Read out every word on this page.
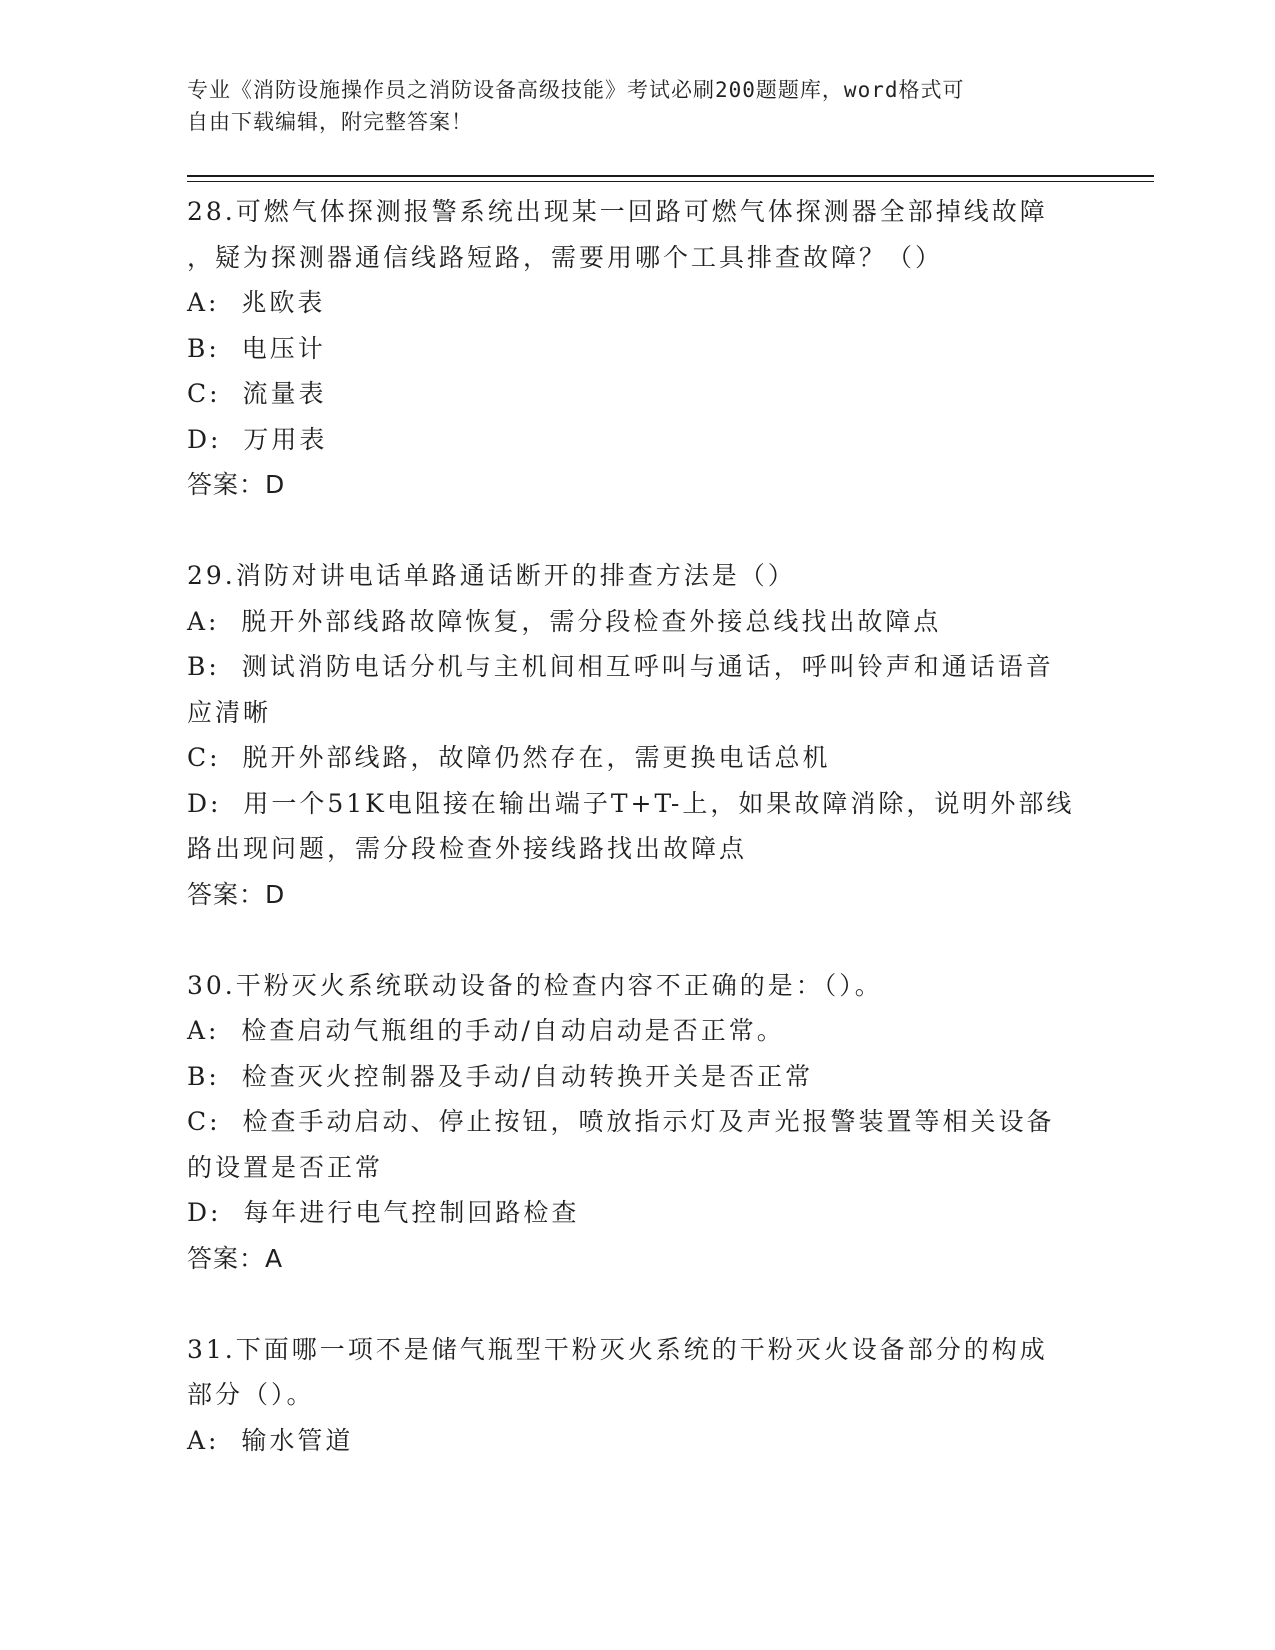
专业《消防设施操作员之消防设备高级技能》考试必刷200题题库，word格式可
自由下载编辑，附完整答案！
28.可燃气体探测报警系统出现某一回路可燃气体探测器全部掉线故障
，疑为探测器通信线路短路，需要用哪个工具排查故障？（）
A:  兆欧表
B:  电压计
C:  流量表
D:  万用表
答案：D
29.消防对讲电话单路通话断开的排查方法是（）
A:  脱开外部线路故障恢复，需分段检查外接总线找出故障点
B:  测试消防电话分机与主机间相互呼叫与通话，呼叫铃声和通话语音
应清晰
C:  脱开外部线路，故障仍然存在，需更换电话总机
D:  用一个51K电阻接在输出端子T+T-上，如果故障消除，说明外部线
路出现问题，需分段检查外接线路找出故障点
答案：D
30.干粉灭火系统联动设备的检查内容不正确的是：（）。
A:  检查启动气瓶组的手动/自动启动是否正常。
B:  检查灭火控制器及手动/自动转换开关是否正常
C:  检查手动启动、停止按钮，喷放指示灯及声光报警装置等相关设备
的设置是否正常
D:  每年进行电气控制回路检查
答案：A
31.下面哪一项不是储气瓶型干粉灭火系统的干粉灭火设备部分的构成
部分（）。
A:  输水管道
